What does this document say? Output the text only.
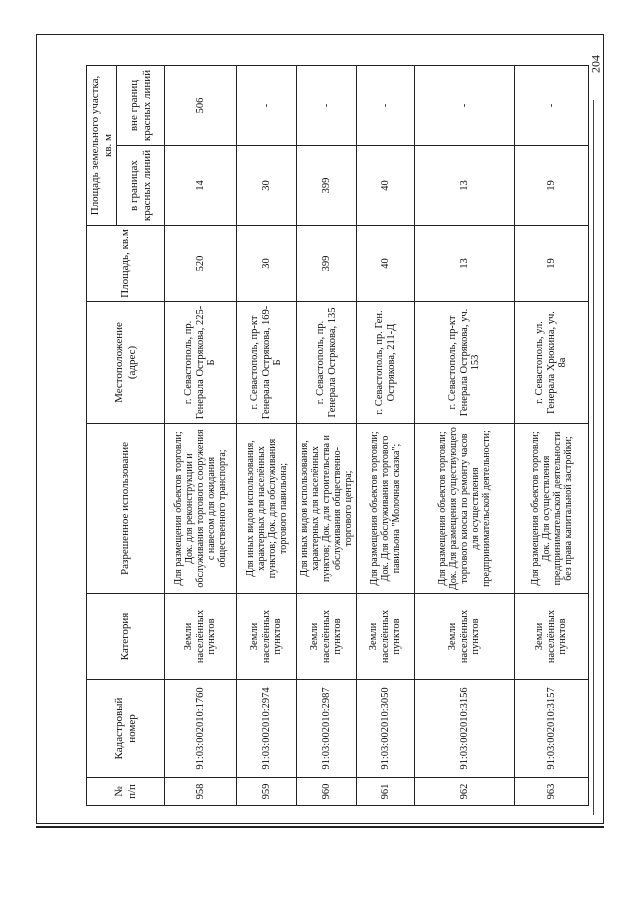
204
№ п/п	Кадастровый номер	Категория	Разрешенное использование	Местоположение (адрес)	Площадь, кв.м	Площадь земельного участка, кв. м	
						в границах красных линий	вне границ красных линий
958	91:03:002010:1760	Земли населённых пунктов	Для размещения объектов торговли; Док. для реконструкции и обслуживания торгового сооружения с навесом для ожидания общественного транспорта;	г. Севастополь, пр. Генерала Острякова, 225-Б	520	14	506
959	91:03:002010:2974	Земли населённых пунктов	Для иных видов использования, характерных для населённых пунктов; Док. для обслуживания торгового павильона;	г. Севастополь, пр-кт Генерала Острякова, 169-Б	30	30	-
960	91:03:002010:2987	Земли населённых пунктов	Для иных видов использования, характерных для населённых пунктов; Док. для строительства и обслуживания общественно-торгового центра;	г. Севастополь, пр. Генерала Острякова, 135	399	399	-
961	91:03:002010:3050	Земли населённых пунктов	Для размещения объектов торговли; Док. Для обслуживания торгового павильона "Молочная сказка";	г. Севастополь, пр. Ген. Острякова, 211-Д	40	40	-
962	91:03:002010:3156	Земли населённых пунктов	Для размещения объектов торговли; Док. Для размещения существующего торгового киоска по ремонту часов для осуществления предпринимательской деятельности;	г. Севастополь, пр-кт Генерала Острякова, уч. 153	13	13	-
963	91:03:002010:3157	Земли населённых пунктов	Для размещения объектов торговли; Док. Для осуществления предпринимательской деятельности без права капитальной застройки;	г. Севастополь, ул. Генерала Хрюкина, уч. 8а	19	19	-
